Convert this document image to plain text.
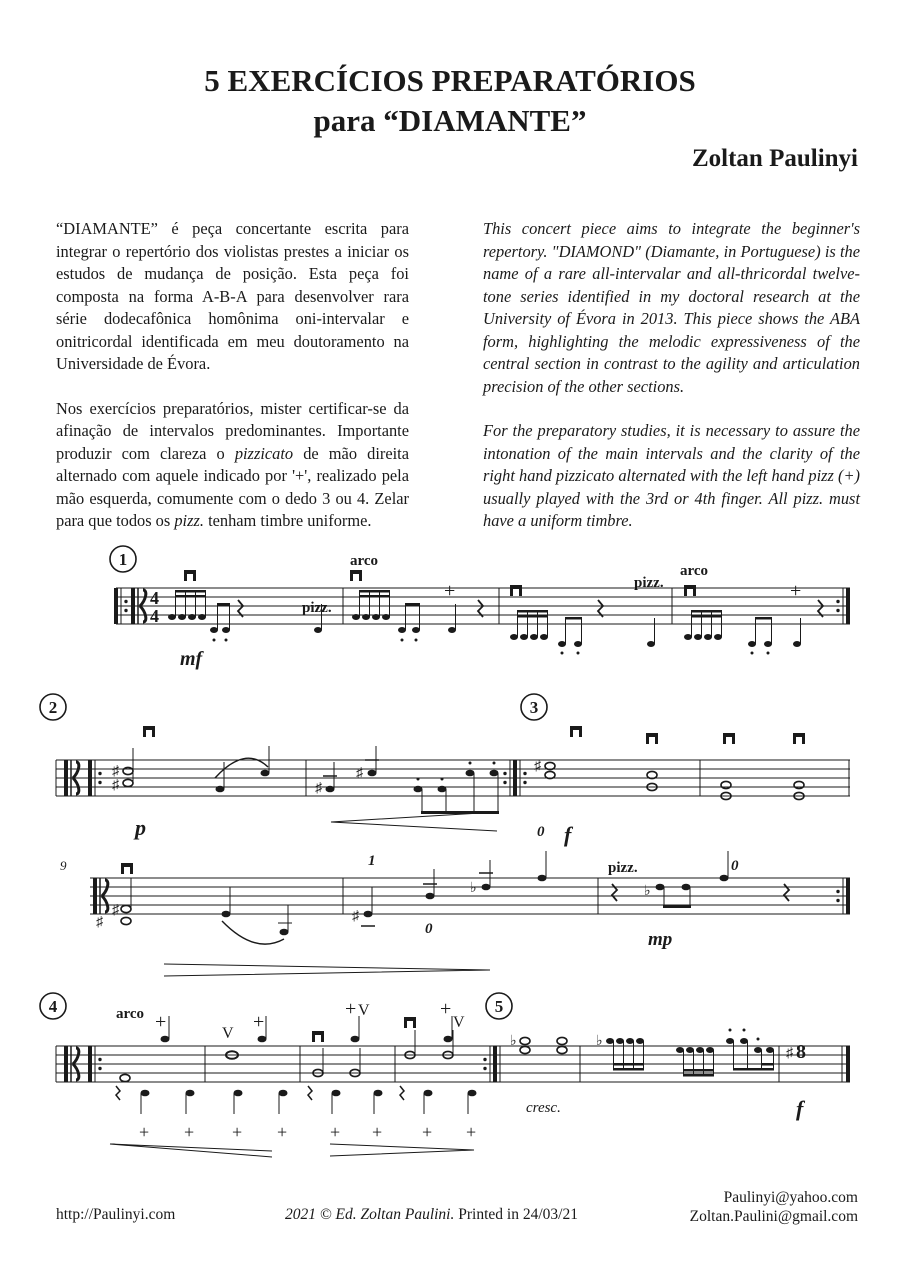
5 EXERCÍCIOS PREPARATÓRIOS
para “DIAMANTE”
Zoltan Paulinyi

“DIAMANTE” é peça concertante escrita para integrar o repertório dos violistas prestes a iniciar os estudos de mudança de posição. Esta peça foi composta na forma A-B-A para desenvolver rara série dodecafônica homônima oni-intervalar e onitricordal identificada em meu doutoramento na Universidade de Évora.

Nos exercícios preparatórios, mister certificar-se da afinação de intervalos predominantes. Importante produzir com clareza o pizzicato de mão direita alternado com aquele indicado por '+', realizado pela mão esquerda, comumente com o dedo 3 ou 4. Zelar para que todos os pizz. tenham timbre uniforme.

This concert piece aims to integrate the beginner's repertory. "DIAMOND" (Diamante, in Portuguese) is the name of a rare all-intervalar and all-thricordal twelve-tone series identified in my doctoral research at the University of Évora in 2013. This piece shows the ABA form, highlighting the melodic expressiveness of the central section in contrast to the agility and articulation precision of the other sections.

For the preparatory studies, it is necessary to assure the intonation of the main intervals and the clarity of the right hand pizzicato alternated with the left hand pizz (+) usually played with the 3rd or 4th finger. All pizz. must have a uniform timbre.

4
4	pizz.
arco
pizz.
arco
+	+
mf
1
♯
♯	♯
♯	♯
p	f
2	3
9
♯
♯	♯
♭	♭
1
0
0
0
pizz.
mp
♭	♭
♯ 8
+	+
+	+
V
V
V
+ + + + + + + +
arco
cresc.	f
4	5
http://Paulinyi.com	2021 © Ed. Zoltan Paulini. Printed in 24/03/21
Paulinyi@yahoo.com
Zoltan.Paulini@gmail.com
